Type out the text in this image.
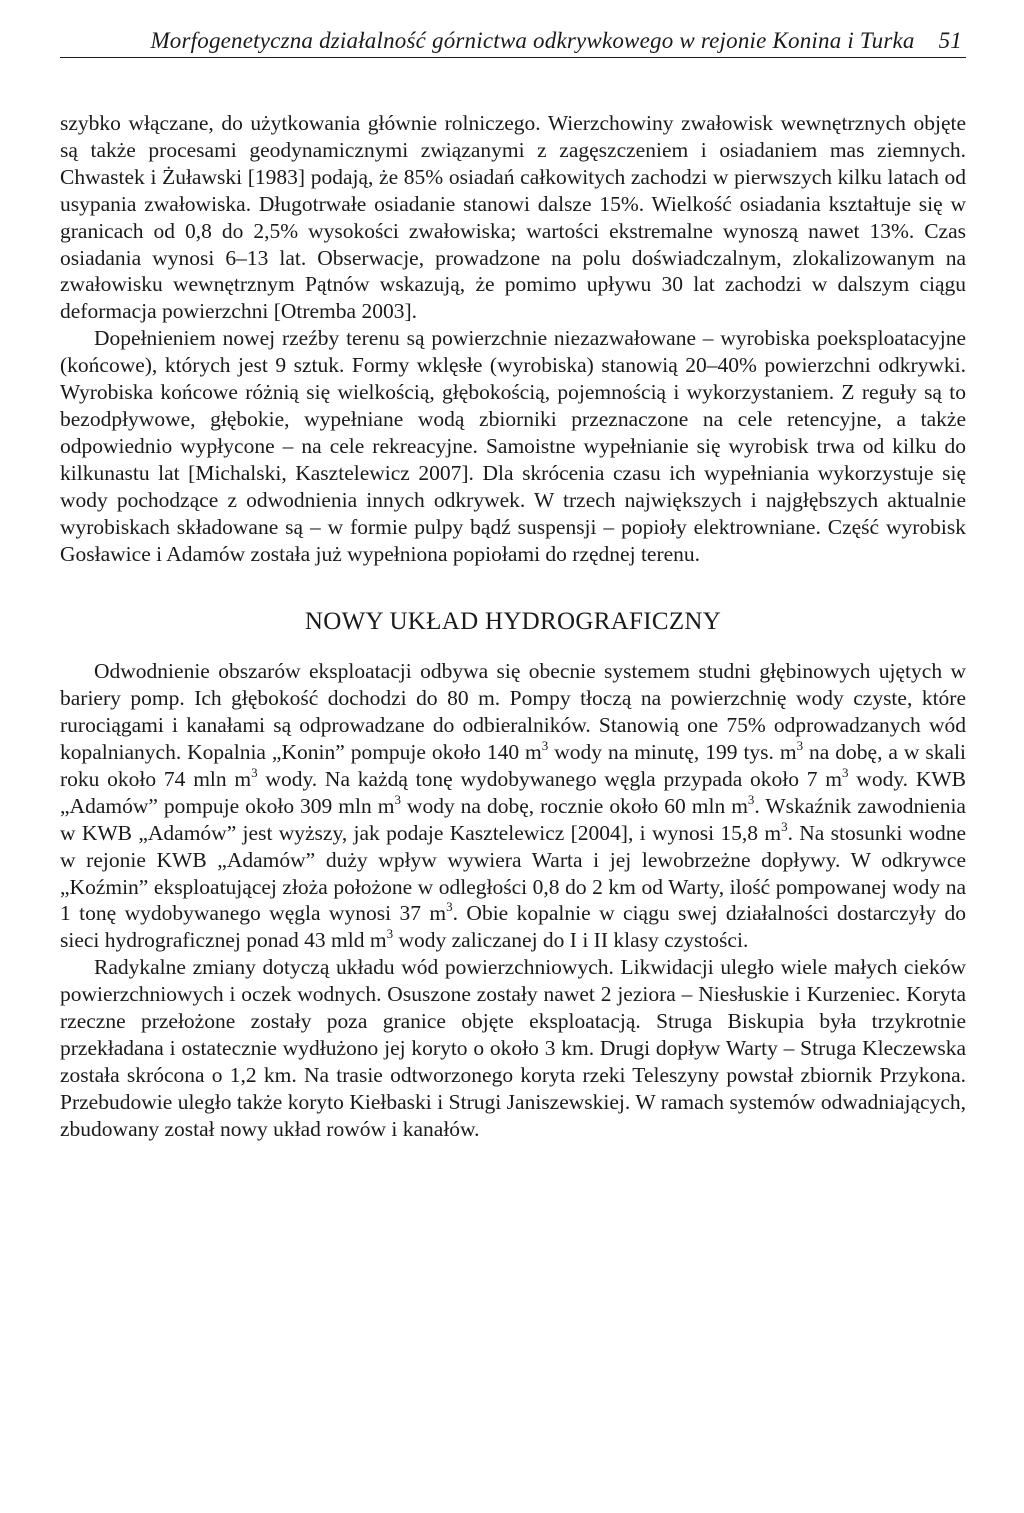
Morfogenetyczna działalność górnictwa odkrywkowego w rejonie Konina i Turka 51

szybko włączane, do użytkowania głównie rolniczego. Wierzchowiny zwałowisk wewnętrznych objęte są także procesami geodynamicznymi związanymi z zagęszczeniem i osiadaniem mas ziemnych. Chwastek i Żuławski [1983] podają, że 85% osiadań całkowitych zachodzi w pierwszych kilku latach od usypania zwałowiska. Długotrwałe osiadanie stanowi dalsze 15%. Wielkość osiadania kształtuje się w granicach od 0,8 do 2,5% wysokości zwałowiska; wartości ekstremalne wynoszą nawet 13%. Czas osiadania wynosi 6–13 lat. Obserwacje, prowadzone na polu doświadczalnym, zlokalizowanym na zwałowisku wewnętrznym Pątnów wskazują, że pomimo upływu 30 lat zachodzi w dalszym ciągu deformacja powierzchni [Otremba 2003].

Dopełnieniem nowej rzeźby terenu są powierzchnie niezazwałowane – wyrobiska poeksploatacyjne (końcowe), których jest 9 sztuk. Formy wklęsłe (wyrobiska) stanowią 20–40% powierzchni odkrywki. Wyrobiska końcowe różnią się wielkością, głębokością, pojemnością i wykorzystaniem. Z reguły są to bezodpływowe, głębokie, wypełniane wodą zbiorniki przeznaczone na cele retencyjne, a także odpowiednio wypłycone – na cele rekreacyjne. Samoistne wypełnianie się wyrobisk trwa od kilku do kilkunastu lat [Michalski, Kasztelewicz 2007]. Dla skrócenia czasu ich wypełniania wykorzystuje się wody pochodzące z odwodnienia innych odkrywek. W trzech największych i najgłębszych aktualnie wyrobiskach składowane są – w formie pulpy bądź suspensji – popioły elektrowniane. Część wyrobisk Gosławice i Adamów została już wypełniona popiołami do rzędnej terenu.

NOWY UKŁAD HYDROGRAFICZNY

Odwodnienie obszarów eksploatacji odbywa się obecnie systemem studni głębinowych ujętych w bariery pomp. Ich głębokość dochodzi do 80 m. Pompy tłoczą na powierzchnię wody czyste, które rurociągami i kanałami są odprowadzane do odbieralników. Stanowią one 75% odprowadzanych wód kopalnianych. Kopalnia „Konin” pompuje około 140 $m^3$ wody na minutę, 199 tys. $m^3$ na dobę, a w skali roku około 74 mln $m^3$ wody. Na każdą tonę wydobywanego węgla przypada około 7 $m^3$ wody. KWB „Adamów” pompuje około 309 mln $m^3$ wody na dobę, rocznie około 60 mln $m^3$. Wskaźnik zawodnienia w KWB „Adamów” jest wyższy, jak podaje Kasztelewicz [2004], i wynosi 15,8 $m^3$. Na stosunki wodne w rejonie KWB „Adamów” duży wpływ wywiera Warta i jej lewobrzeżne dopływy. W odkrywce „Koźmin” eksploatującej złoża położone w odległości 0,8 do 2 km od Warty, ilość pompowanej wody na 1 tonę wydobywanego węgla wynosi 37 $m^3$. Obie kopalnie w ciągu swej działalności dostarczyły do sieci hydrograficznej ponad 43 mld $m^3$ wody zaliczanej do I i II klasy czystości.

Radykalne zmiany dotyczą układu wód powierzchniowych. Likwidacji uległo wiele małych cieków powierzchniowych i oczek wodnych. Osuszone zostały nawet 2 jeziora – Niesłuskie i Kurzeniec. Koryta rzeczne przełożone zostały poza granice objęte eksploatacją. Struga Biskupia była trzykrotnie przekładana i ostatecznie wydłużono jej koryto o około 3 km. Drugi dopływ Warty – Struga Kleczewska została skrócona o 1,2 km. Na trasie odtworzonego koryta rzeki Teleszyny powstał zbiornik Przykona. Przebudowie uległo także koryto Kiełbaski i Strugi Janiszewskiej. W ramach systemów odwadniających, zbudowany został nowy układ rowów i kanałów.
